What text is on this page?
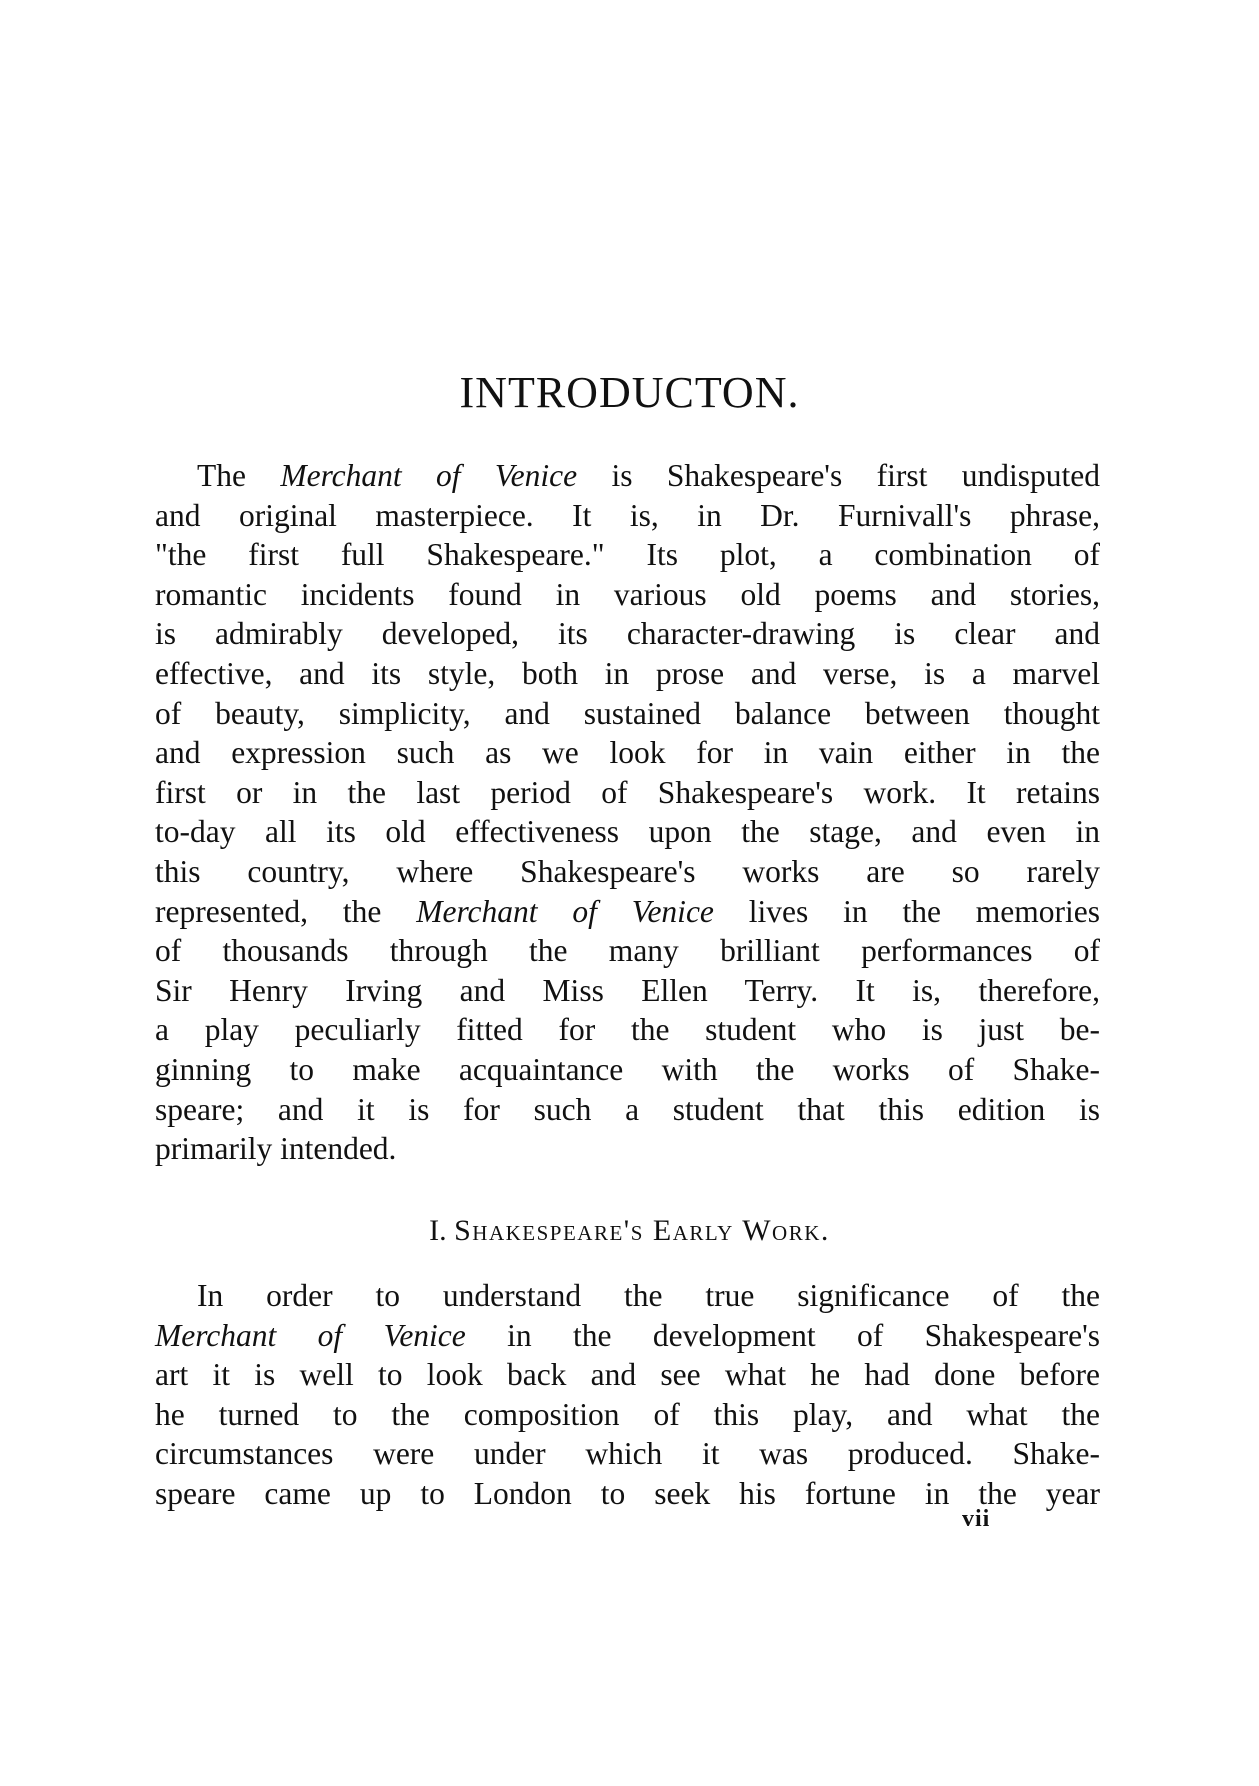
INTRODUCTON.
The Merchant of Venice is Shakespeare's first undisputed
and original masterpiece. It is, in Dr. Furnivall's phrase,
"the first full Shakespeare." Its plot, a combination of
romantic incidents found in various old poems and stories,
is admirably developed, its character-drawing is clear and
effective, and its style, both in prose and verse, is a marvel
of beauty, simplicity, and sustained balance between thought
and expression such as we look for in vain either in the
first or in the last period of Shakespeare's work. It retains
to-day all its old effectiveness upon the stage, and even in
this country, where Shakespeare's works are so rarely
represented, the Merchant of Venice lives in the memories
of thousands through the many brilliant performances of
Sir Henry Irving and Miss Ellen Terry. It is, therefore,
a play peculiarly fitted for the student who is just be-
ginning to make acquaintance with the works of Shake-
speare; and it is for such a student that this edition is
primarily intended.
I. Shakespeare's Early Work.
In order to understand the true significance of the
Merchant of Venice in the development of Shakespeare's
art it is well to look back and see what he had done before
he turned to the composition of this play, and what the
circumstances were under which it was produced. Shake-
speare came up to London to seek his fortune in the year
vii
